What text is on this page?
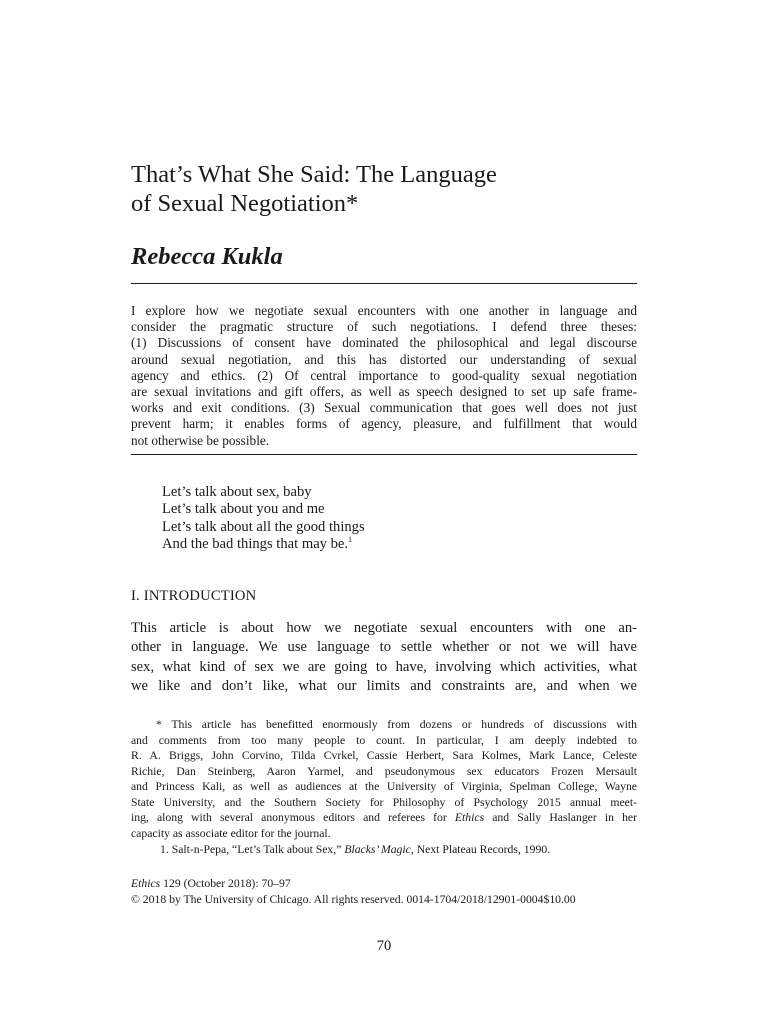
That’s What She Said: The Language
of Sexual Negotiation*
Rebecca Kukla
I explore how we negotiate sexual encounters with one another in language and
consider the pragmatic structure of such negotiations. I defend three theses:
(1) Discussions of consent have dominated the philosophical and legal discourse
around sexual negotiation, and this has distorted our understanding of sexual
agency and ethics. (2) Of central importance to good-quality sexual negotiation
are sexual invitations and gift offers, as well as speech designed to set up safe frame-
works and exit conditions. (3) Sexual communication that goes well does not just
prevent harm; it enables forms of agency, pleasure, and fulfillment that would
not otherwise be possible.
Let’s talk about sex, baby
Let’s talk about you and me
Let’s talk about all the good things
And the bad things that may be.$^1$
I. INTRODUCTION
This article is about how we negotiate sexual encounters with one an-
other in language. We use language to settle whether or not we will have
sex, what kind of sex we are going to have, involving which activities, what
we like and don’t like, what our limits and constraints are, and when we
* This article has benefitted enormously from dozens or hundreds of discussions with
and comments from too many people to count. In particular, I am deeply indebted to
R. A. Briggs, John Corvino, Tilda Cvrkel, Cassie Herbert, Sara Kolmes, Mark Lance, Celeste
Richie, Dan Steinberg, Aaron Yarmel, and pseudonymous sex educators Frozen Mersault
and Princess Kali, as well as audiences at the University of Virginia, Spelman College, Wayne
State University, and the Southern Society for Philosophy of Psychology 2015 annual meet-
ing, along with several anonymous editors and referees for Ethics and Sally Haslanger in her
capacity as associate editor for the journal.
1. Salt-n-Pepa, “Let’s Talk about Sex,” Blacks’ Magic, Next Plateau Records, 1990.
Ethics 129 (October 2018): 70–97
© 2018 by The University of Chicago. All rights reserved. 0014-1704/2018/12901-0004$10.00
70
